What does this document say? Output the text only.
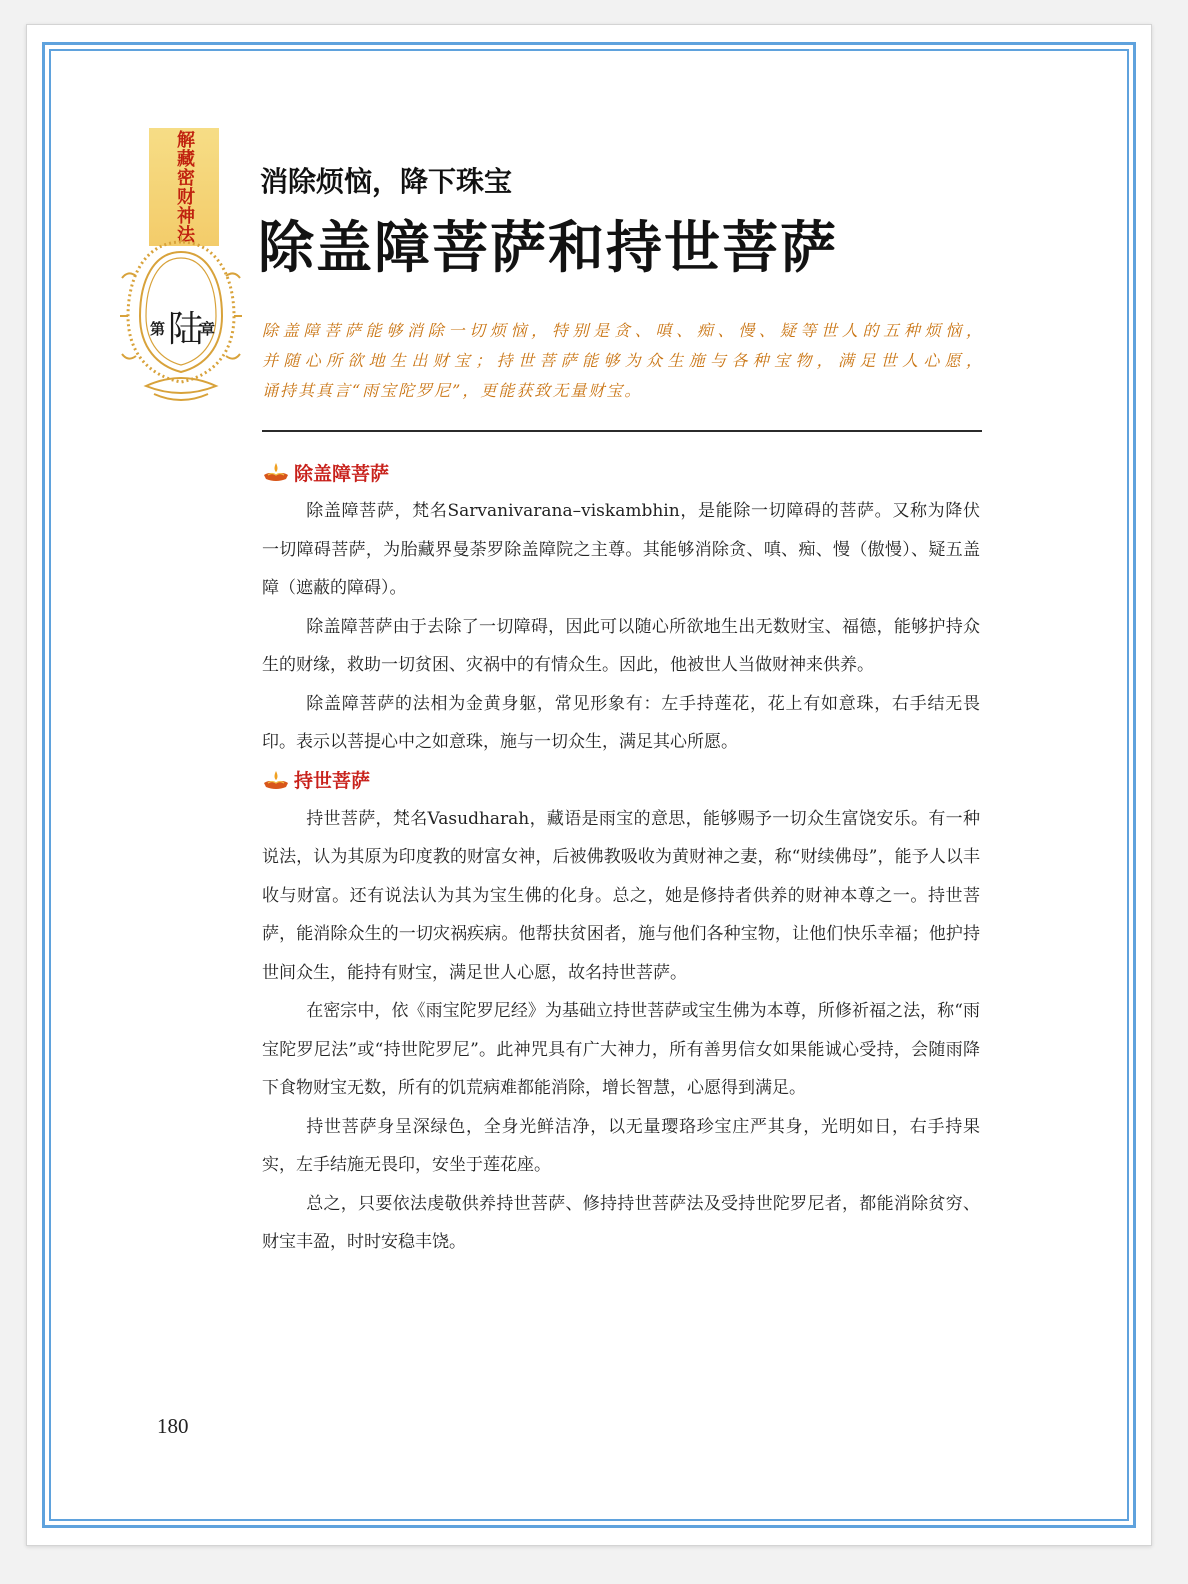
解藏密财神法
第 陆
章
消除烦恼，降下珠宝
除盖障菩萨和持世菩萨
除盖障菩萨能够消除一切烦恼，特别是贪、嗔、痴、慢、疑等世人的五种烦恼，
并随心所欲地生出财宝；持世菩萨能够为众生施与各种宝物，满足世人心愿，
诵持其真言“雨宝陀罗尼”，更能获致无量财宝。
除盖障菩萨

除盖障菩萨，梵名Sarvanivarana–viskambhin，是能除一切障碍的菩萨。又称为降伏一切障碍菩萨，为胎藏界曼荼罗除盖障院之主尊。其能够消除贪、嗔、痴、慢（傲慢）、疑五盖障（遮蔽的障碍）。

除盖障菩萨由于去除了一切障碍，因此可以随心所欲地生出无数财宝、福德，能够护持众生的财缘，救助一切贫困、灾祸中的有情众生。因此，他被世人当做财神来供养。

除盖障菩萨的法相为金黄身躯，常见形象有：左手持莲花，花上有如意珠，右手结无畏印。表示以菩提心中之如意珠，施与一切众生，满足其心所愿。

持世菩萨

持世菩萨，梵名Vasudharah，藏语是雨宝的意思，能够赐予一切众生富饶安乐。有一种说法，认为其原为印度教的财富女神，后被佛教吸收为黄财神之妻，称“财续佛母”，能予人以丰收与财富。还有说法认为其为宝生佛的化身。总之，她是修持者供养的财神本尊之一。持世菩萨，能消除众生的一切灾祸疾病。他帮扶贫困者，施与他们各种宝物，让他们快乐幸福；他护持世间众生，能持有财宝，满足世人心愿，故名持世菩萨。

在密宗中，依《雨宝陀罗尼经》为基础立持世菩萨或宝生佛为本尊，所修祈福之法，称“雨宝陀罗尼法”或“持世陀罗尼”。此神咒具有广大神力，所有善男信女如果能诚心受持，会随雨降下食物财宝无数，所有的饥荒病难都能消除，增长智慧，心愿得到满足。

持世菩萨身呈深绿色，全身光鲜洁净，以无量璎珞珍宝庄严其身，光明如日，右手持果实，左手结施无畏印，安坐于莲花座。

总之，只要依法虔敬供养持世菩萨、修持持世菩萨法及受持世陀罗尼者，都能消除贫穷、财宝丰盈，时时安稳丰饶。

180
